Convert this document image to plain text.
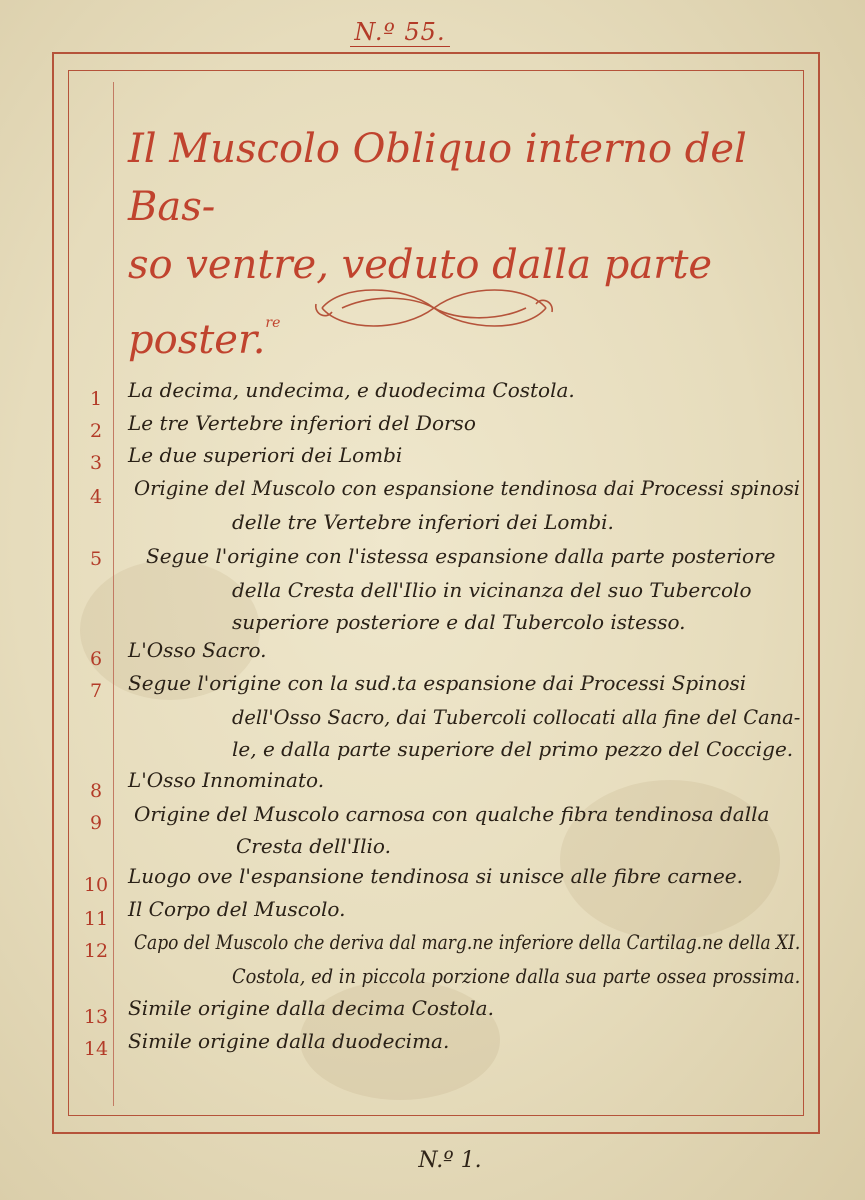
N.º 55.
Il Muscolo Obliquo interno del Bas-
so ventre, veduto dalla parte poster.$^{re}$
1	La decima, undecima, e duodecima Costola.
2	Le tre Vertebre inferiori del Dorso
3	Le due superiori dei Lombi
4	Origine del Muscolo con espansione tendinosa dai Processi spinosi
delle tre Vertebre inferiori dei Lombi.
5	Segue l'origine con l'istessa espansione dalla parte posteriore
della Cresta dell'Ilio in vicinanza del suo Tubercolo
superiore posteriore e dal Tubercolo istesso.
6	L'Osso Sacro.
7	Segue l'origine con la sud.ta espansione dai Processi Spinosi
dell'Osso Sacro, dai Tubercoli collocati alla fine del Cana-
le, e dalla parte superiore del primo pezzo del Coccige.
8	L'Osso Innominato.
9	Origine del Muscolo carnosa con qualche fibra tendinosa dalla
Cresta dell'Ilio.
10 Luogo ove l'espansione tendinosa si unisce alle fibre carnee.
11 Il Corpo del Muscolo.
12	Capo del Muscolo che deriva dal marg.ne inferiore della Cartilag.ne della XI.
Costola, ed in piccola porzione dalla sua parte ossea prossima.
13 Simile origine dalla decima Costola.
14 Simile origine dalla duodecima.
N.º 1.
